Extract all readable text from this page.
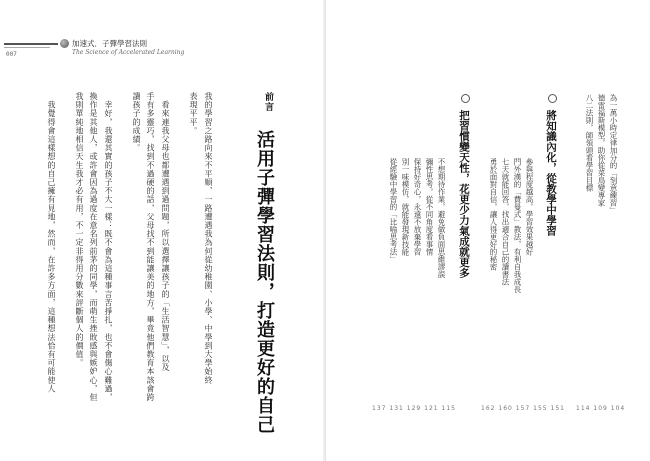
007
加速式．子彈學習法則
The Science of Accelerated Learning
前言
活用子彈學習法則，打造更好的自己
我的學習之路向來不平順，一路遭遇我為何從幼稚園、小學、中學到大學始終
表現平平。
　看來連我父母也都遭遇到過問題，所以選擇讓孩子的「生活智慧」，以及
手有多靈巧，找到不過硬的話，父母找不到能讓美的地方，畢竟他們教育本該會跨
讀孩子的成績。
　幸好，我還其實的孩子不大一樣：既不會為這種事言苦掙扎，也不會傷心難過，
換作是其他人，或許會因為過度在意名列前茅的同學，而萌生挫敗感與嫉妒心，但
我則單純地相信天生我才必有用，不一定非得用分數來評斷個人的價值。
　我覺得會這樣想的自己擁有見地，然而，在許多方面，這種想法恰有可能使人	把習慣變天性，花更少力氣成就更多
不想期待作業，避免做負面思維謬誤
彌性思考，從不同角度看事情
保持好奇心，永遠不放棄學習
別一味模仿，就能發現新技能
從經驗中學習的「比喻思考法」
137 131 129 121 115
將知識內化，從教學中學習
參與程度越高，學習效果越好
門外漢的「費曼式」教法，有利自我成長
七天就能回答，找出適合自己的讀書法
勇於面對自信，讓人得更好的秘密
162 160 157 155 151
為一萬小時定律加分的「刻意練習」
德雷福斯模型，助你從菜鳥變專家
八二法則，師領頭看學習目標
114 109 104
